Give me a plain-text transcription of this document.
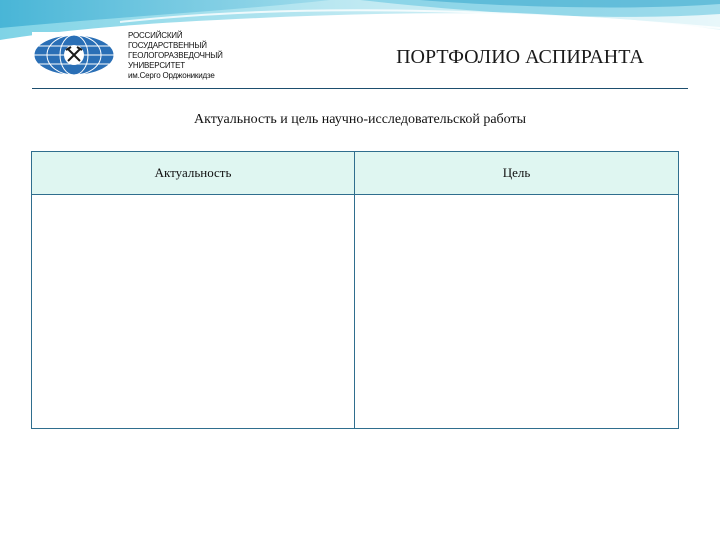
РОССИЙСКИЙ
ГОСУДАРСТВЕННЫЙ
ГЕОЛОГОРАЗВЕДОЧНЫЙ
УНИВЕРСИТЕТ
им.Серго Орджоникидзе
ПОРТФОЛИО АСПИРАНТА
Актуальность и цель научно-исследовательской работы
Актуальность	Цель
